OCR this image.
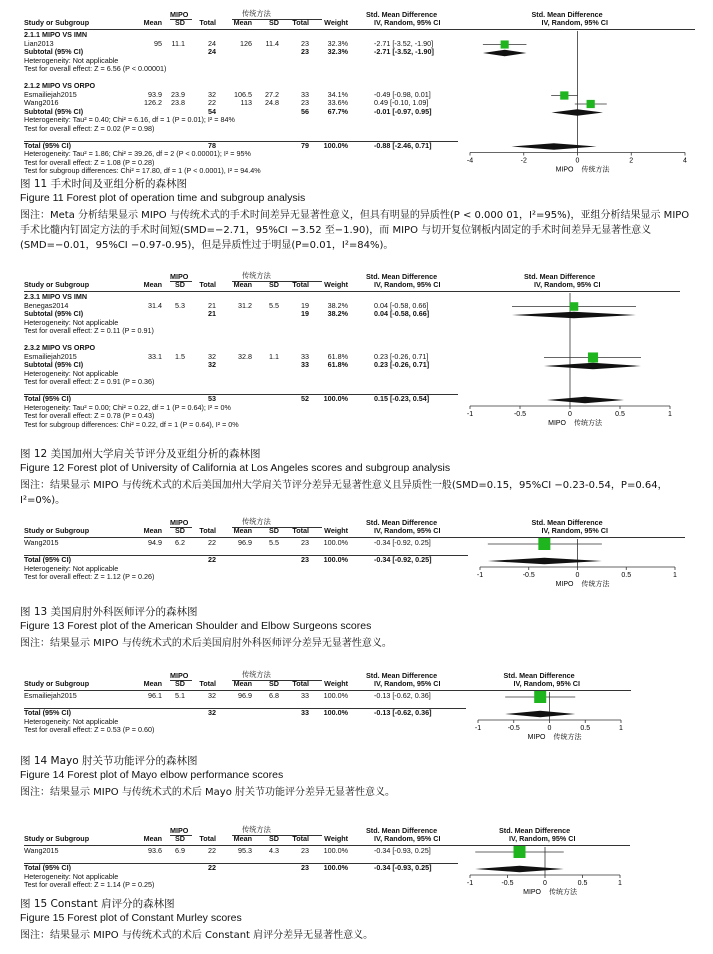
MIPO	传统方法	Std. Mean Difference	Std. Mean Difference
Study or Subgroup	Mean	SD	Total	Mean	SD	Total	Weight	IV, Random, 95% CI	IV, Random, 95% CI
2.1.1 MIPO VS IMN
Lian2013	95	11.1	24	126	11.4	23	32.3%	-2.71 [-3.52, -1.90]
Subtotal (95% CI)	24	23	32.3%	-2.71 [-3.52, -1.90]
Heterogeneity: Not applicable
Test for overall effect: Z = 6.56 (P < 0.00001)
2.1.2 MIPO VS ORPO
Esmailiejah2015	93.9	23.9	32	106.5	27.2	33	34.1%	-0.49 [-0.98, 0.01]
Wang2016	126.2	23.8	22	113	24.8	23	33.6%	0.49 [-0.10, 1.09]
Subtotal (95% CI)	54	56	67.7%	-0.01 [-0.97, 0.95]
Heterogeneity: Tau² = 0.40; Chi² = 6.16, df = 1 (P = 0.01); I² = 84%
Test for overall effect: Z = 0.02 (P = 0.98)
Total (95% CI)	78	79	100.0%	-0.88 [-2.46, 0.71]
Heterogeneity: Tau² = 1.86; Chi² = 39.26, df = 2 (P < 0.00001); I² = 95%
Test for overall effect: Z = 1.08 (P = 0.28)
Test for subgroup differences: Chi² = 17.80, df = 1 (P < 0.0001), I² = 94.4%
-4	-2	0	2	4
MIPO 传统方法
图 11 手术时间及亚组分析的森林图
Figure 11 Forest plot of operation time and subgroup analysis
图注：Meta 分析结果显示 MIPO 与传统术式的手术时间差异无显著性意义，但具有明显的异质性(P < 0.000 01，I²=95%)，亚组分析结果显示 MIPO 手术比髓内钉固定方法的手术时间短(SMD=−2.71，95%CI −3.52 至−1.90)，而 MIPO 与切开复位钢板内固定的手术时间差异无显著性意义(SMD=−0.01，95%CI −0.97-0.95)，但是异质性过于明显(P=0.01，I²=84%)。
MIPO	传统方法	Std. Mean Difference	Std. Mean Difference
Study or Subgroup	Mean	SD	Total	Mean	SD	Total	Weight	IV, Random, 95% CI	IV, Random, 95% CI
2.3.1 MIPO VS IMN
Benegas2014	31.4	5.3	21	31.2	5.5	19	38.2%	0.04 [-0.58, 0.66]
Subtotal (95% CI)	21	19	38.2%	0.04 [-0.58, 0.66]
Heterogeneity: Not applicable
Test for overall effect: Z = 0.11 (P = 0.91)
2.3.2 MIPO VS ORPO
Esmailiejah2015	33.1	1.5	32	32.8	1.1	33	61.8%	0.23 [-0.26, 0.71]
Subtotal (95% CI)	32	33	61.8%	0.23 [-0.26, 0.71]
Heterogeneity: Not applicable
Test for overall effect: Z = 0.91 (P = 0.36)
Total (95% CI)	53	52	100.0%	0.15 [-0.23, 0.54]
Heterogeneity: Tau² = 0.00; Chi² = 0.22, df = 1 (P = 0.64); I² = 0%
Test for overall effect: Z = 0.78 (P = 0.43)
Test for subgroup differences: Chi² = 0.22, df = 1 (P = 0.64), I² = 0%
-1	-0.5	0	0.5	1
MIPO 传统方法
图 12 美国加州大学肩关节评分及亚组分析的森林图
Figure 12 Forest plot of University of California at Los Angeles scores and subgroup analysis
图注：结果显示 MIPO 与传统术式的术后美国加州大学肩关节评分差异无显著性意义且异质性一般(SMD=0.15，95%CI −0.23-0.54，P=0.64，I²=0%)。
MIPO	传统方法	Std. Mean Difference	Std. Mean Difference
Study or Subgroup	Mean	SD	Total	Mean	SD	Total	Weight	IV, Random, 95% CI	IV, Random, 95% CI
Wang2015	94.9	6.2	22	96.9	5.5	23	100.0%	-0.34 [-0.92, 0.25]
Total (95% CI)	22	23	100.0%	-0.34 [-0.92, 0.25]
Heterogeneity: Not applicable
Test for overall effect: Z = 1.12 (P = 0.26)	-1	-0.5	0	0.5	1
MIPO 传统方法
图 13 美国肩肘外科医师评分的森林图
Figure 13 Forest plot of the American Shoulder and Elbow Surgeons scores
图注：结果显示 MIPO 与传统术式的术后美国肩肘外科医师评分差异无显著性意义。
MIPO	传统方法	Std. Mean Difference	Std. Mean Difference
Study or Subgroup	Mean	SD	Total	Mean	SD	Total	Weight	IV, Random, 95% CI	IV, Random, 95% CI
Esmailiejah2015	96.1	5.1	32	96.9	6.8	33	100.0%	-0.13 [-0.62, 0.36]
Total (95% CI)	32	33	100.0%	-0.13 [-0.62, 0.36]
Heterogeneity: Not applicable
Test for overall effect: Z = 0.53 (P = 0.60)	-1	-0.5	0	0.5	1
MIPO 传统方法
图 14 Mayo 肘关节功能评分的森林图
Figure 14 Forest plot of Mayo elbow performance scores
图注：结果显示 MIPO 与传统术式的术后 Mayo 肘关节功能评分差异无显著性意义。
MIPO	传统方法	Std. Mean Difference	Std. Mean Difference
Study or Subgroup	Mean	SD	Total	Mean	SD	Total	Weight	IV, Random, 95% CI	IV, Random, 95% CI
Wang2015	93.6	6.9	22	95.3	4.3	23	100.0%	-0.34 [-0.93, 0.25]
Total (95% CI)	22	23	100.0%	-0.34 [-0.93, 0.25]
Heterogeneity: Not applicable
Test for overall effect: Z = 1.14 (P = 0.25)	-1	-0.5	0	0.5	1
MIPO 传统方法
图 15 Constant 肩评分的森林图
Figure 15 Forest plot of Constant Murley scores
图注：结果显示 MIPO 与传统术式的术后 Constant 肩评分差异无显著性意义。
